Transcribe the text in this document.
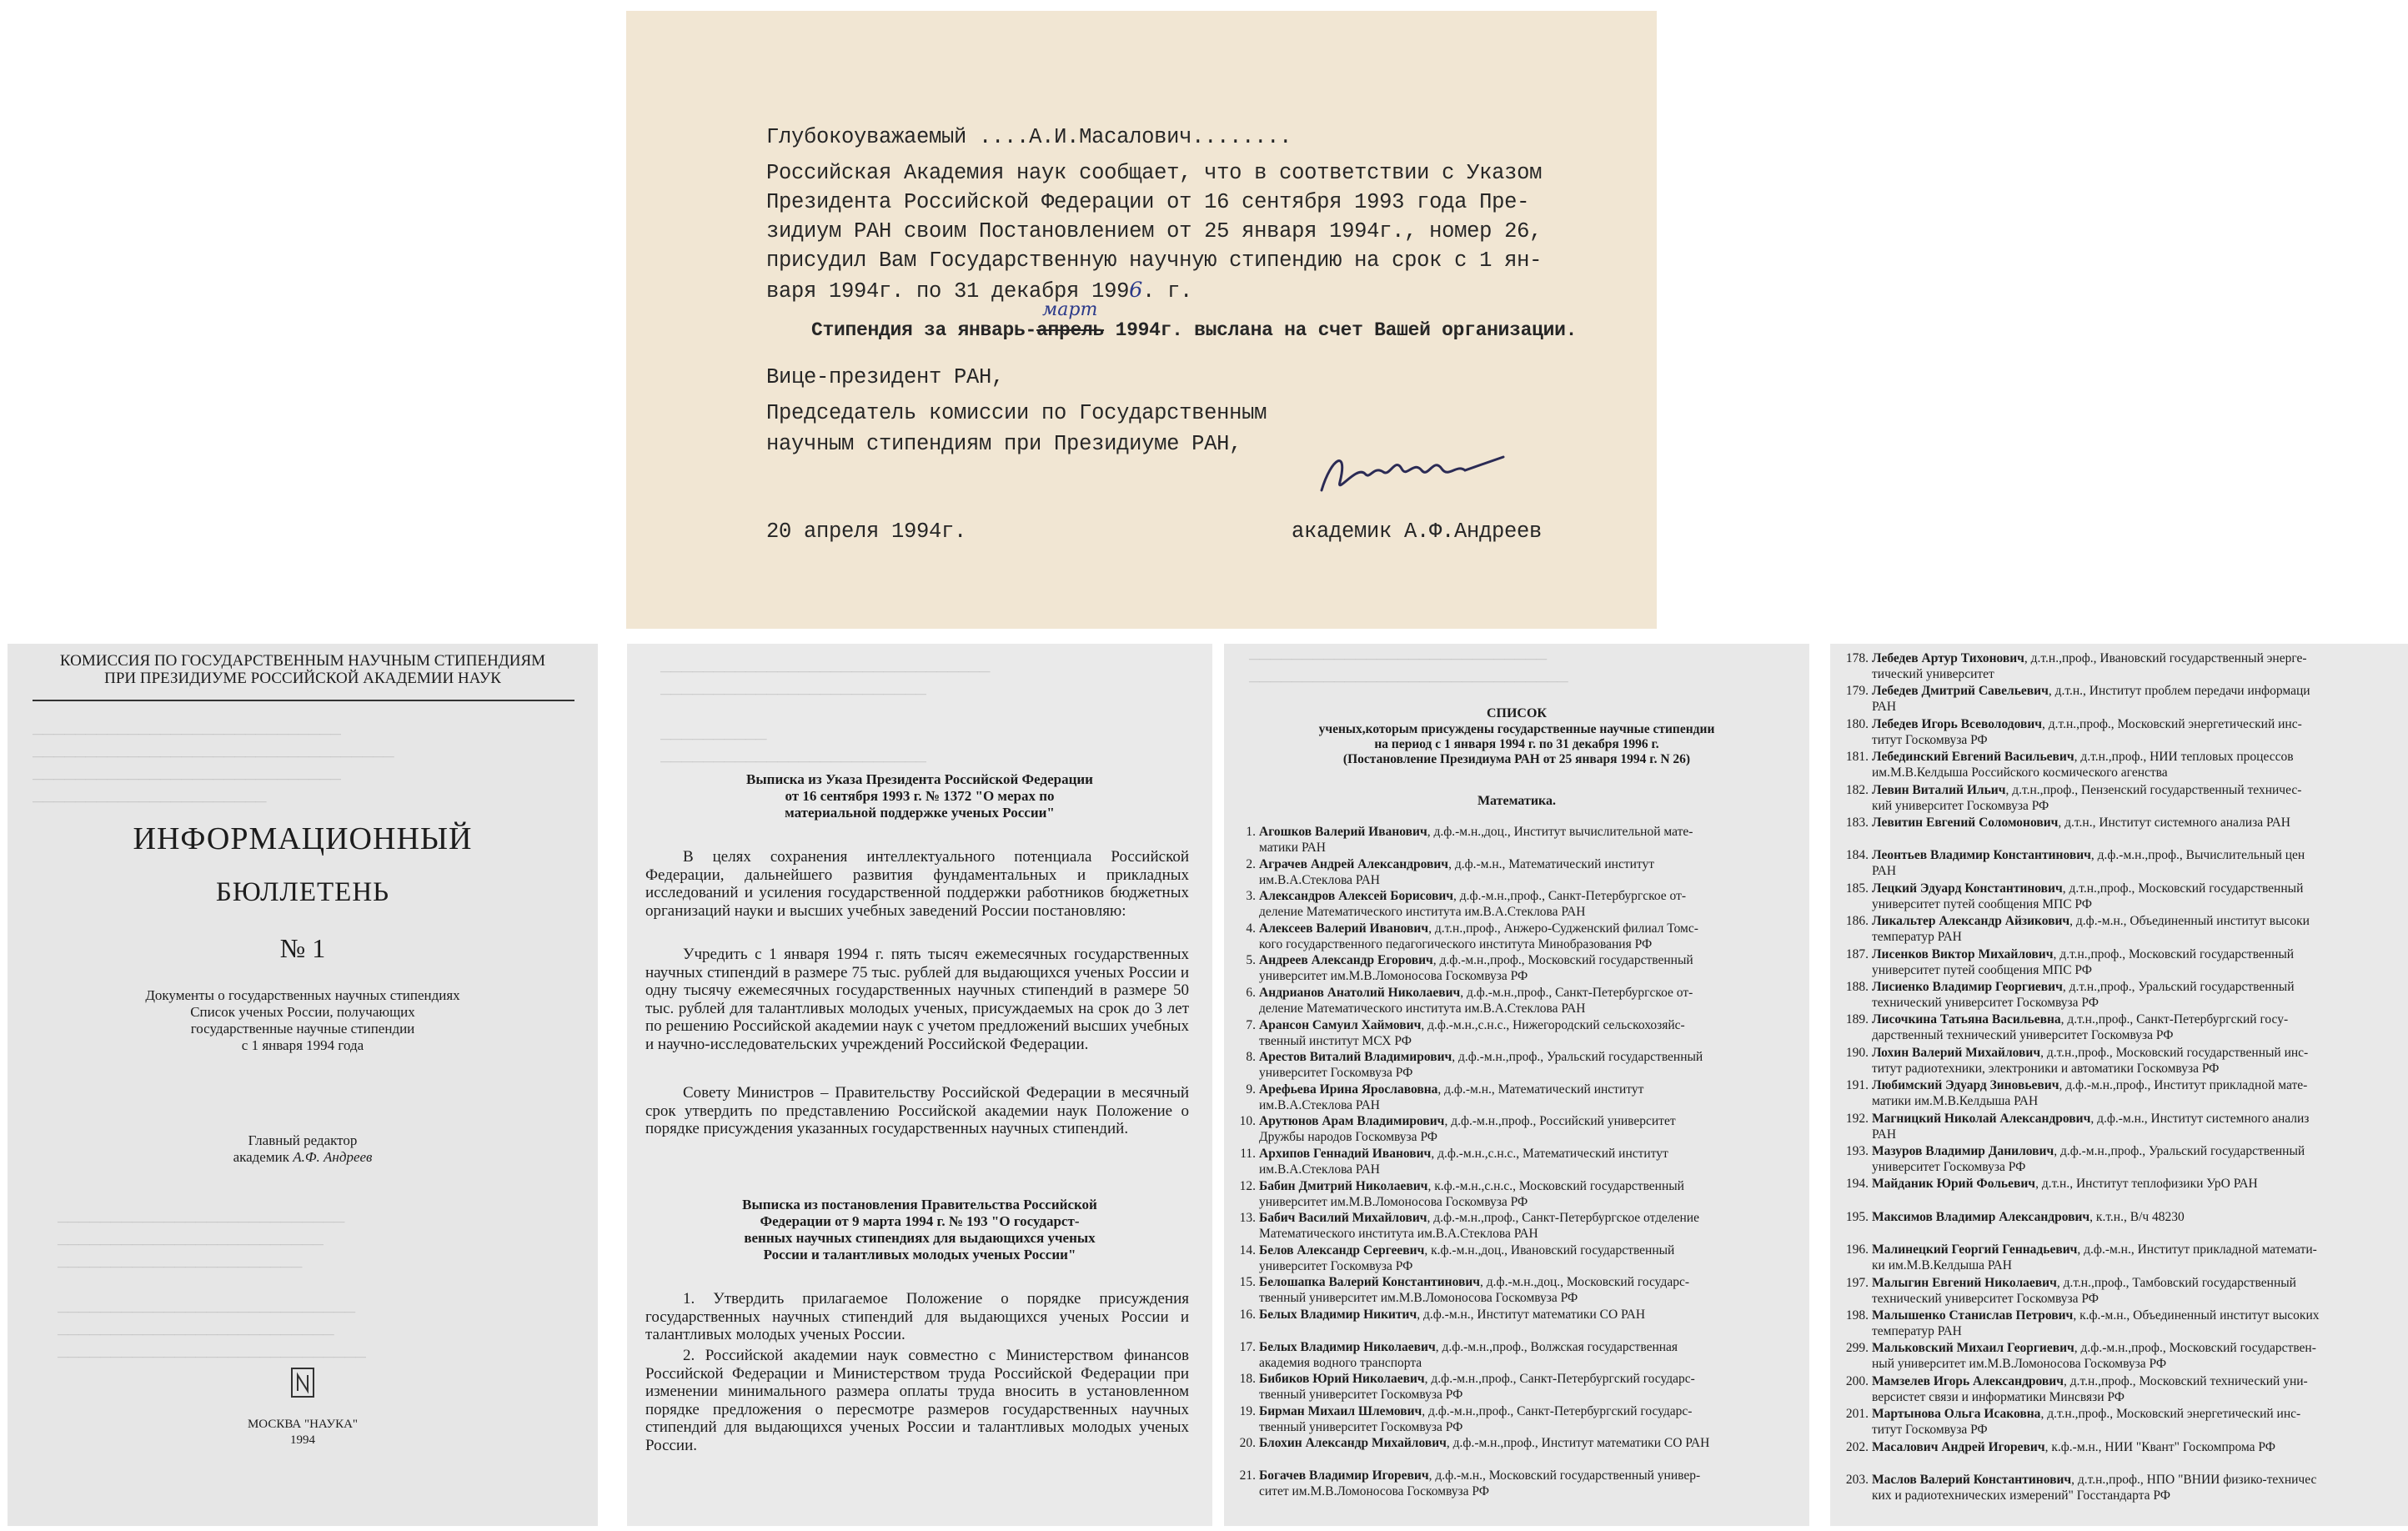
Глубокоуважаемый ....А.И.Масалович........
Российская Академия наук сообщает, что в соответствии с Указом
Президента Российской Федерации от 16 сентября 1993 года Пре-
зидиум РАН своим Постановлением от 25 января 1994г., номер 26,
присудил Вам Государственную научную стипендию на срок с 1 ян-
варя 1994г. по 31 декабря 1996. г.
март
Стипендия за январь-апрель 1994г. выслана на счет Вашей организации.
Вице-президент РАН,
Председатель комиссии по Государственным
научным стипендиям при Президиуме РАН,
20 апреля 1994г.	академик А.Ф.Андреев
─────────────────────────────
──────────────────────────────────
─────────────────────────────
──────────────────────
КОМИССИЯ ПО ГОСУДАРСТВЕННЫМ НАУЧНЫМ СТИПЕНДИЯМ
ПРИ ПРЕЗИДИУМЕ РОССИЙСКОЙ АКАДЕМИИ НАУК
ИНФОРМАЦИОННЫЙ
БЮЛЛЕТЕНЬ
№ 1
Документы о государственных научных стипендиях
Список ученых России, получающих
государственные научные стипендии
с 1 января 1994 года
Главный редактор
академик А.Ф. Андреев
───────────────────────────
─────────────────────────
───────────────────────

────────────────────────────
──────────────────────────
─────────────────────────────
МОСКВА "НАУКА"
1994
───────────────────────────────
─────────────────────────

──────────
─────────────────────────
Выписка из Указа Президента Российской Федерации
от 16 сентября 1993 г. № 1372 "О мерах по
материальной поддержке ученых России"
В целях сохранения интеллектуального потенциала Российской Федерации, дальнейшего развития фундаментальных и прикладных исследований и усиления государственной поддержки работников бюджетных организаций науки и высших учебных заведений России постановляю:
Учредить с 1 января 1994 г. пять тысяч ежемесячных государственных научных стипендий в размере 75 тыс. рублей для выдающихся ученых России и одну тысячу ежемесячных государственных научных стипендий в размере 50 тыс. рублей для талантливых молодых ученых, присуждаемых на срок до 3 лет по решению Российской академии наук с учетом предложений высших учебных и научно-исследовательских учреждений Российской Федерации.
Совету Министров – Правительству Российской Федерации в месячный срок утвердить по представлению Российской академии наук Положение о порядке присуждения указанных государственных научных стипендий.
Выписка из постановления Правительства Российской
Федерации от 9 марта 1994 г. № 193 "О государст-
венных научных стипендиях для выдающихся ученых
России и талантливых молодых ученых России"
1. Утвердить прилагаемое Положение о порядке присуждения государственных научных стипендий для выдающихся ученых России и талантливых молодых ученых России.
2. Российской академии наук совместно с Министерством финансов Российской Федерации и Министерством труда Российской Федерации при изменении минимального размера оплаты труда вносить в установленном порядке предложения о пересмотре размеров государственных научных стипендий для выдающихся ученых России и талантливых молодых ученых России.
────────────────────────────
──────────────────────────────
СПИСОК
ученых,которым присуждены государственные научные стипендии
на период с 1 января 1994 г. по 31 декабря 1996 г.
(Постановление Президиума РАН от 25 января 1994 г. N 26)
Математика.
1. Агошков Валерий Иванович, д.ф.-м.н.,доц., Институт вычислительной мате-
матики РАН
2. Аграчев Андрей Александрович, д.ф.-м.н., Математический институт
им.В.А.Стеклова РАН
3. Александров Алексей Борисович, д.ф.-м.н.,проф., Санкт-Петербургское от-
деление Математического института им.В.А.Стеклова РАН
4. Алексеев Валерий Иванович, д.т.н.,проф., Анжеро-Судженский филиал Томс-
кого государственного педагогического института Минобразования РФ
5. Андреев Александр Егорович, д.ф.-м.н.,проф., Московский государственный
университет им.М.В.Ломоносова Госкомвуза РФ
6. Андрианов Анатолий Николаевич, д.ф.-м.н.,проф., Санкт-Петербургское от-
деление Математического института им.В.А.Стеклова РАН
7. Арансон Самуил Хаймович, д.ф.-м.н.,с.н.с., Нижегородский сельскохозяйс-
твенный институт МСХ РФ
8. Арестов Виталий Владимирович, д.ф.-м.н.,проф., Уральский государственный
университет Госкомвуза РФ
9. Арефьева Ирина Ярославовна, д.ф.-м.н., Математический институт
им.В.А.Стеклова РАН
10. Арутюнов Арам Владимирович, д.ф.-м.н.,проф., Российский университет
Дружбы народов Госкомвуза РФ
11. Архипов Геннадий Иванович, д.ф.-м.н.,с.н.с., Математический институт
им.В.А.Стеклова РАН
12. Бабин Дмитрий Николаевич, к.ф.-м.н.,с.н.с., Московский государственный
университет им.М.В.Ломоносова Госкомвуза РФ
13. Бабич Василий Михайлович, д.ф.-м.н.,проф., Санкт-Петербургское отделение
Математического института им.В.А.Стеклова РАН
14. Белов Александр Сергеевич, к.ф.-м.н.,доц., Ивановский государственный
университет Госкомвуза РФ
15. Белошапка Валерий Константинович, д.ф.-м.н.,доц., Московский государс-
твенный университет им.М.В.Ломоносова Госкомвуза РФ
16. Белых Владимир Никитич, д.ф.-м.н., Институт математики СО РАН
17. Белых Владимир Николаевич, д.ф.-м.н.,проф., Волжская государственная
академия водного транспорта
18. Бибиков Юрий Николаевич, д.ф.-м.н.,проф., Санкт-Петербургский государс-
твенный университет Госкомвуза РФ
19. Бирман Михаил Шлемович, д.ф.-м.н.,проф., Санкт-Петербургский государс-
твенный университет Госкомвуза РФ
20. Блохин Александр Михайлович, д.ф.-м.н.,проф., Институт математики СО РАН
21. Богачев Владимир Игоревич, д.ф.-м.н., Московский государственный универ-
ситет им.М.В.Ломоносова Госкомвуза РФ
178. Лебедев Артур Тихонович, д.т.н.,проф., Ивановский государственный энерге-
тический университет
179. Лебедев Дмитрий Савельевич, д.т.н., Институт проблем передачи информаци
РАН
180. Лебедев Игорь Всеволодович, д.т.н.,проф., Московский энергетический инс-
титут Госкомвуза РФ
181. Лебединский Евгений Васильевич, д.т.н.,проф., НИИ тепловых процессов
им.М.В.Келдыша Российского космического агенства
182. Левин Виталий Ильич, д.т.н.,проф., Пензенский государственный техничес-
кий университет Госкомвуза РФ
183. Левитин Евгений Соломонович, д.т.н., Институт системного анализа РАН
184. Леонтьев Владимир Константинович, д.ф.-м.н.,проф., Вычислительный цен
РАН
185. Лецкий Эдуард Константинович, д.т.н.,проф., Московский государственный
университет путей сообщения МПС РФ
186. Ликальтер Александр Айзикович, д.ф.-м.н., Объединенный институт высоки
температур РАН
187. Лисенков Виктор Михайлович, д.т.н.,проф., Московский государственный
университет путей сообщения МПС РФ
188. Лисиенко Владимир Георгиевич, д.т.н.,проф., Уральский государственный
технический университет Госкомвуза РФ
189. Лисочкина Татьяна Васильевна, д.т.н.,проф., Санкт-Петербургский госу-
дарственный технический университет Госкомвуза РФ
190. Лохин Валерий Михайлович, д.т.н.,проф., Московский государственный инс-
титут радиотехники, электроники и автоматики Госкомвуза РФ
191. Любимский Эдуард Зиновьевич, д.ф.-м.н.,проф., Институт прикладной мате-
матики им.М.В.Келдыша РАН
192. Магницкий Николай Александрович, д.ф.-м.н., Институт системного анализ
РАН
193. Мазуров Владимир Данилович, д.ф.-м.н.,проф., Уральский государственный
университет Госкомвуза РФ
194. Майданик Юрий Фольевич, д.т.н., Институт теплофизики УрО РАН
195. Максимов Владимир Александрович, к.т.н., В/ч 48230
196. Малинецкий Георгий Геннадьевич, д.ф.-м.н., Институт прикладной математи-
ки им.М.В.Келдыша РАН
197. Малыгин Евгений Николаевич, д.т.н.,проф., Тамбовский государственный
технический университет Госкомвуза РФ
198. Малышенко Станислав Петрович, к.ф.-м.н., Объединенный институт высоких
температур РАН
299. Мальковский Михаил Георгиевич, д.ф.-м.н.,проф., Московский государствен-
ный университет им.М.В.Ломоносова Госкомвуза РФ
200. Мамзелев Игорь Александрович, д.т.н.,проф., Московский технический уни-
версистет связи и информатики Минсвязи РФ
201. Мартынова Ольга Исаковна, д.т.н.,проф., Московский энергетический инс-
титут Госкомвуза РФ
202. Масалович Андрей Игоревич, к.ф.-м.н., НИИ "Квант" Госкомпрома РФ
203. Маслов Валерий Константинович, д.т.н.,проф., НПО "ВНИИ физико-техничес
ких и радиотехнических измерений" Госстандарта РФ
